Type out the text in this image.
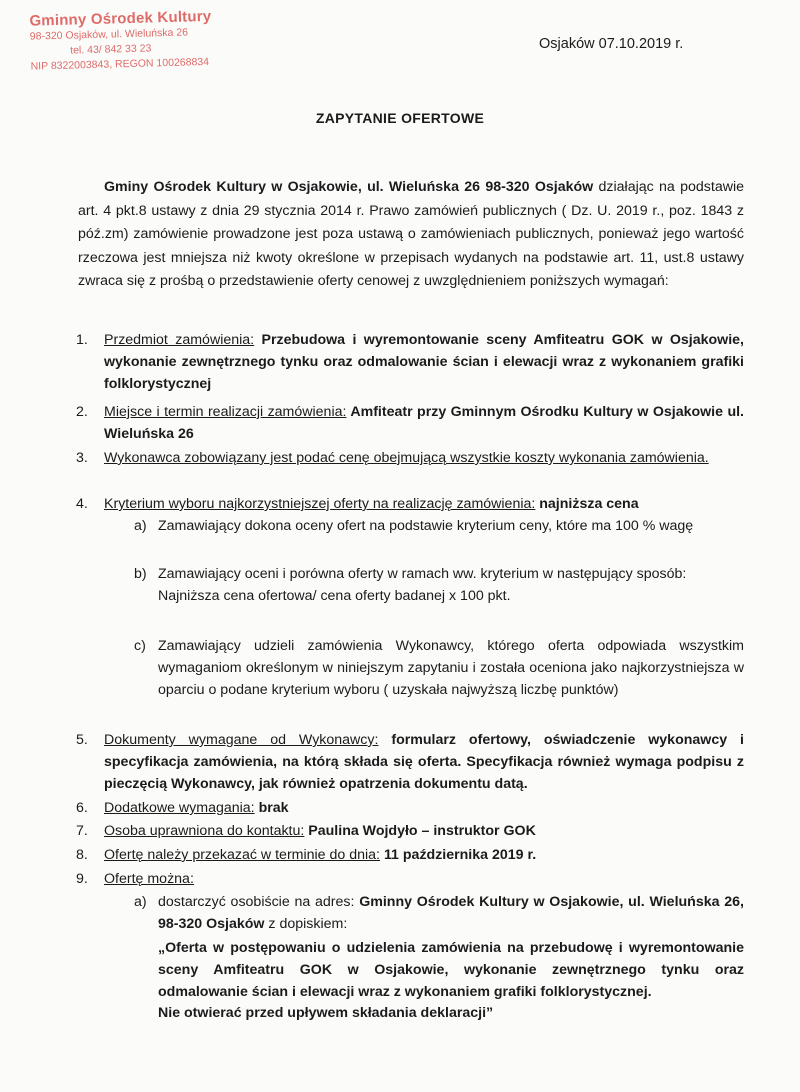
Gminny Ośrodek Kultury
98-320 Osjaków, ul. Wieluńska 26
tel. 43/ 842 33 23
NIP 8322003843, REGON 100268834
Osjaków 07.10.2019 r.
ZAPYTANIE OFERTOWE
Gminy Ośrodek Kultury w Osjakowie, ul. Wieluńska 26 98-320 Osjaków działając na podstawie art. 4 pkt.8 ustawy z dnia 29 stycznia 2014 r. Prawo zamówień publicznych ( Dz. U. 2019 r., poz. 1843 z póź.zm) zamówienie prowadzone jest poza ustawą o zamówieniach publicznych, ponieważ jego wartość rzeczowa jest mniejsza niż kwoty określone w przepisach wydanych na podstawie art. 11, ust.8 ustawy zwraca się z prośbą o przedstawienie oferty cenowej z uwzględnieniem poniższych wymagań:
1.	Przedmiot zamówienia: Przebudowa i wyremontowanie sceny Amfiteatru GOK w Osjakowie, wykonanie zewnętrznego tynku oraz odmalowanie ścian i elewacji wraz z wykonaniem grafiki folklorystycznej
2.	Miejsce i termin realizacji zamówienia: Amfiteatr przy Gminnym Ośrodku Kultury w Osjakowie ul. Wieluńska 26
3.	Wykonawca zobowiązany jest podać cenę obejmującą wszystkie koszty wykonania zamówienia.
4.	Kryterium wyboru najkorzystniejszej oferty na realizację zamówienia: najniższa cena
a) Zamawiający dokona oceny ofert na podstawie kryterium ceny, które ma 100 % wagę
b) Zamawiający oceni i porówna oferty w ramach ww. kryterium w następujący sposób:
Najniższa cena ofertowa/ cena oferty badanej x 100 pkt.
c) Zamawiający udzieli zamówienia Wykonawcy, którego oferta odpowiada wszystkim wymaganiom określonym w niniejszym zapytaniu i została oceniona jako najkorzystniejsza w oparciu o podane kryterium wyboru ( uzyskała najwyższą liczbę punktów)
5.	Dokumenty wymagane od Wykonawcy: formularz ofertowy, oświadczenie wykonawcy i specyfikacja zamówienia, na którą składa się oferta. Specyfikacja również wymaga podpisu z pieczęcią Wykonawcy, jak również opatrzenia dokumentu datą.
6.	Dodatkowe wymagania: brak
7.	Osoba uprawniona do kontaktu: Paulina Wojdyło – instruktor GOK
8.	Ofertę należy przekazać w terminie do dnia: 11 października 2019 r.
9.	Ofertę można:
a) dostarczyć osobiście na adres: Gminny Ośrodek Kultury w Osjakowie, ul. Wieluńska 26, 98-320 Osjaków z dopiskiem:
„Oferta w postępowaniu o udzielenia zamówienia na przebudowę i wyremontowanie sceny Amfiteatru GOK w Osjakowie, wykonanie zewnętrznego tynku oraz odmalowanie ścian i elewacji wraz z wykonaniem grafiki folklorystycznej.
Nie otwierać przed upływem składania deklaracji”
